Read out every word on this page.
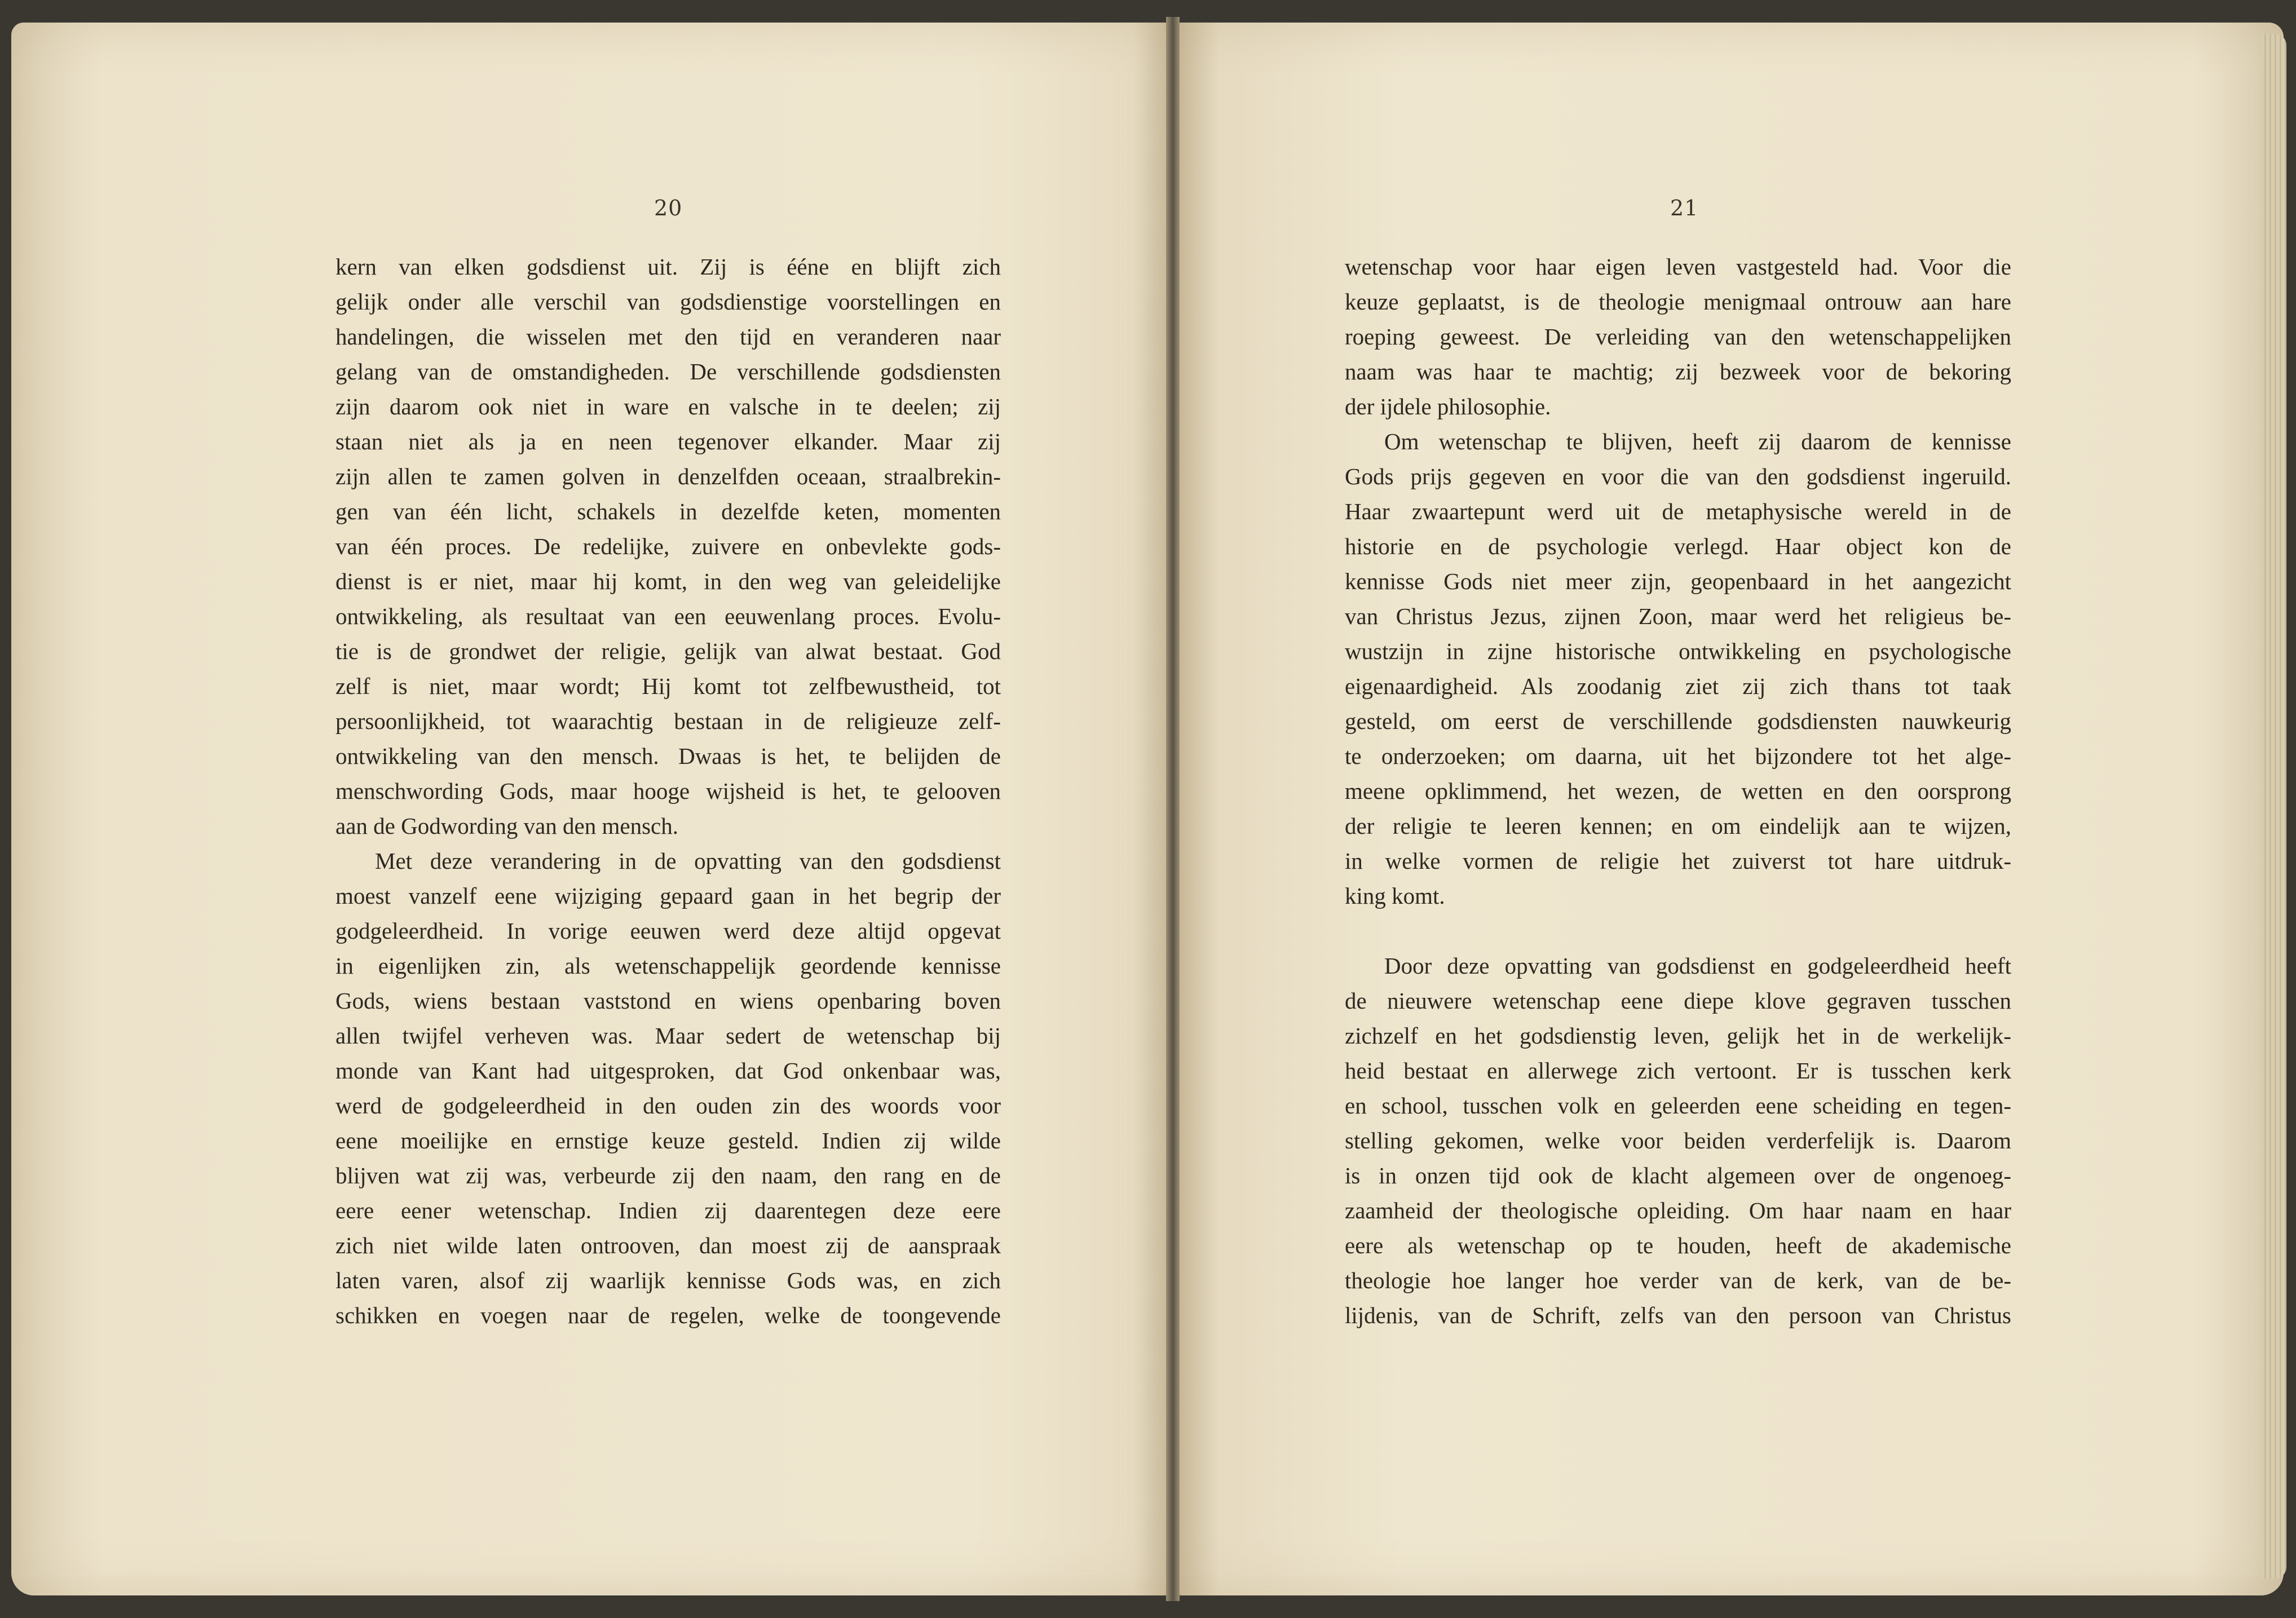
20	21
kern van elken godsdienst uit. Zij is ééne en blijft zich
gelijk onder alle verschil van godsdienstige voorstellingen en
handelingen, die wisselen met den tijd en veranderen naar
gelang van de omstandigheden. De verschillende godsdiensten
zijn daarom ook niet in ware en valsche in te deelen; zij
staan niet als ja en neen tegenover elkander. Maar zij
zijn allen te zamen golven in denzelfden oceaan, straalbrekin-
gen van één licht, schakels in dezelfde keten, momenten
van één proces. De redelijke, zuivere en onbevlekte gods-
dienst is er niet, maar hij komt, in den weg van geleidelijke
ontwikkeling, als resultaat van een eeuwenlang proces. Evolu-
tie is de grondwet der religie, gelijk van alwat bestaat. God
zelf is niet, maar wordt; Hij komt tot zelfbewustheid, tot
persoonlijkheid, tot waarachtig bestaan in de religieuze zelf-
ontwikkeling van den mensch. Dwaas is het, te belijden de
menschwording Gods, maar hooge wijsheid is het, te gelooven
aan de Godwording van den mensch.
Met deze verandering in de opvatting van den godsdienst
moest vanzelf eene wijziging gepaard gaan in het begrip der
godgeleerdheid. In vorige eeuwen werd deze altijd opgevat
in eigenlijken zin, als wetenschappelijk geordende kennisse
Gods, wiens bestaan vaststond en wiens openbaring boven
allen twijfel verheven was. Maar sedert de wetenschap bij
monde van Kant had uitgesproken, dat God onkenbaar was,
werd de godgeleerdheid in den ouden zin des woords voor
eene moeilijke en ernstige keuze gesteld. Indien zij wilde
blijven wat zij was, verbeurde zij den naam, den rang en de
eere eener wetenschap. Indien zij daarentegen deze eere
zich niet wilde laten ontrooven, dan moest zij de aanspraak
laten varen, alsof zij waarlijk kennisse Gods was, en zich
schikken en voegen naar de regelen, welke de toongevende
wetenschap voor haar eigen leven vastgesteld had. Voor die
keuze geplaatst, is de theologie menigmaal ontrouw aan hare
roeping geweest. De verleiding van den wetenschappelijken
naam was haar te machtig; zij bezweek voor de bekoring
der ijdele philosophie.
Om wetenschap te blijven, heeft zij daarom de kennisse
Gods prijs gegeven en voor die van den godsdienst ingeruild.
Haar zwaartepunt werd uit de metaphysische wereld in de
historie en de psychologie verlegd. Haar object kon de
kennisse Gods niet meer zijn, geopenbaard in het aangezicht
van Christus Jezus, zijnen Zoon, maar werd het religieus be-
wustzijn in zijne historische ontwikkeling en psychologische
eigenaardigheid. Als zoodanig ziet zij zich thans tot taak
gesteld, om eerst de verschillende godsdiensten nauwkeurig
te onderzoeken; om daarna, uit het bijzondere tot het alge-
meene opklimmend, het wezen, de wetten en den oorsprong
der religie te leeren kennen; en om eindelijk aan te wijzen,
in welke vormen de religie het zuiverst tot hare uitdruk-
king komt.
Door deze opvatting van godsdienst en godgeleerdheid heeft
de nieuwere wetenschap eene diepe klove gegraven tusschen
zichzelf en het godsdienstig leven, gelijk het in de werkelijk-
heid bestaat en allerwege zich vertoont. Er is tusschen kerk
en school, tusschen volk en geleerden eene scheiding en tegen-
stelling gekomen, welke voor beiden verderfelijk is. Daarom
is in onzen tijd ook de klacht algemeen over de ongenoeg-
zaamheid der theologische opleiding. Om haar naam en haar
eere als wetenschap op te houden, heeft de akademische
theologie hoe langer hoe verder van de kerk, van de be-
lijdenis, van de Schrift, zelfs van den persoon van Christus
